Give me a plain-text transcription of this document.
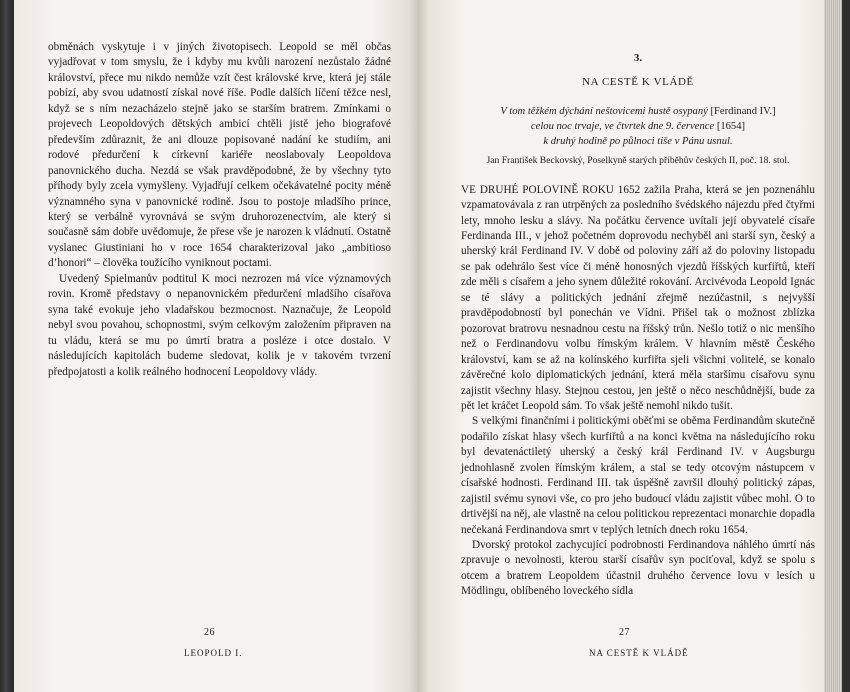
obměnách vyskytuje i v jiných životopisech. Leopold se měl občas vyjadřovat v tom smyslu, že i kdyby mu kvůli narození nezůstalo žádné království, přece mu nikdo nemůže vzít čest královské krve, která jej stále pobízí, aby svou udatností získal nové říše. Podle dalších líčení těžce nesl, když se s ním nezacházelo stejně jako se starším bratrem. Zmínkami o projevech Leopoldových dětských ambicí chtěli jistě jeho biografové především zdůraznit, že ani dlouze popisované nadání ke studiím, ani rodové předurčení k církevní kariéře neoslabovaly Leopoldova panovnického ducha. Nezdá se však pravděpodobné, že by všechny tyto příhody byly zcela vymyšleny. Vyjadřují celkem očekávatelné pocity méně významného syna v panovnické rodině. Jsou to postoje mladšího prince, který se verbálně vyrovnává se svým druhorozenectvím, ale který si současně sám dobře uvědomuje, že přese vše je narozen k vládnutí. Ostatně vyslanec Giustiniani ho v roce 1654 charakterizoval jako „ambitioso d’honori“ – člověka toužícího vyniknout poctami.

Uvedený Spielmanův podtitul K moci nezrozen má více významových rovin. Kromě představy o nepanovnickém předurčení mladšího císařova syna také evokuje jeho vladařskou bezmocnost. Naznačuje, že Leopold nebyl svou povahou, schopnostmi, svým celkovým založením připraven na tu vládu, která se mu po úmrtí bratra a posléze i otce dostalo. V následujících kapitolách budeme sledovat, kolik je v takovém tvrzení předpojatosti a kolik reálného hodnocení Leopoldovy vlády.

26
LEOPOLD I.

3.

NA CESTĚ K VLÁDĚ

V tom těžkém dýchání neštovicemi hustě osypaný [Ferdinand IV.]
celou noc trvaje, ve čtvrtek dne 9. července [1654]
k druhý hodině po půlnoci tiše v Pánu usnul.

Jan František Beckovský, Poselkyně starých příběhův českých II, poč. 18. stol.

VE DRUHÉ POLOVINĚ ROKU 1652 zažila Praha, která se jen poznenáhlu vzpamatovávala z ran utrpěných za posledního švédského nájezdu před čtyřmi lety, mnoho lesku a slávy. Na počátku července uvítali její obyvatelé císaře Ferdinanda III., v jehož početném doprovodu nechyběl ani starší syn, český a uherský král Ferdinand IV. V době od poloviny září až do poloviny listopadu se pak odehrálo šest více či méně honosných vjezdů říšských kurfiřtů, kteří zde měli s císařem a jeho synem důležité rokování. Arcivévoda Leopold Ignác se té slávy a politických jednání zřejmě nezúčastnil, s nejvyšší pravděpodobností byl ponechán ve Vídni. Přišel tak o možnost zblízka pozorovat bratrovu nesnadnou cestu na říšský trůn. Nešlo totiž o nic menšího než o Ferdinandovu volbu římským králem. V hlavním městě Českého království, kam se až na kolínského kurfiřta sjeli všichni volitelé, se konalo závěrečné kolo diplomatických jednání, která měla staršímu císařovu synu zajistit všechny hlasy. Stejnou cestou, jen ještě o něco neschůdnější, bude za pět let kráčet Leopold sám. To však ještě nemohl nikdo tušit.

S velkými finančními i politickými oběťmi se oběma Ferdinandům skutečně podařilo získat hlasy všech kurfiřtů a na konci května na následujícího roku byl devatenáctiletý uherský a český král Ferdinand IV. v Augsburgu jednohlasně zvolen římským králem, a stal se tedy otcovým nástupcem v císařské hodnosti. Ferdinand III. tak úspěšně završil dlouhý politický zápas, zajistil svému synovi vše, co pro jeho budoucí vládu zajistit vůbec mohl. O to drtivější na něj, ale vlastně na celou politickou reprezentaci monarchie dopadla nečekaná Ferdinandova smrt v teplých letních dnech roku 1654.

Dvorský protokol zachycující podrobnosti Ferdinandova náhlého úmrtí nás zpravuje o nevolnosti, kterou starší císařův syn pociťoval, když se spolu s otcem a bratrem Leopoldem účastnil druhého července lovu v lesích u Mödlingu, oblíbeného loveckého sídla

27
NA CESTĚ K VLÁDĚ
